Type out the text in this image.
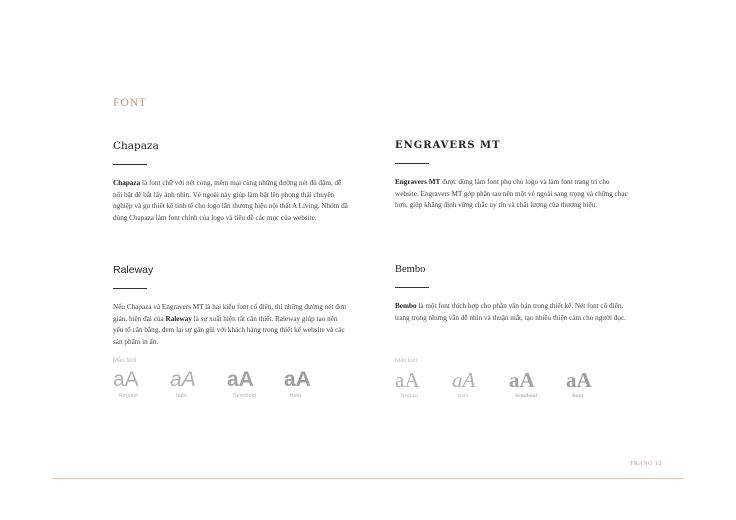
FONT
Chapaza
Chapaza là font chữ với nét cong, mềm mại cùng những đường nét đủ đậm, dễ nổi bật để bắt lấy ánh nhìn. Vẻ ngoài này giúp làm bật lên phong thái chuyên nghiệp và gu thiết kế tinh tế cho logo lẫn thương hiệu nội thất A Living. Nhóm đã dùng Chapaza làm font chính của logo và tiêu đề các mục của website.
ENGRAVERS MT
Engravers MT được dùng làm font phụ cho logo và làm font trang trí cho website. Engravers MT góp phần tạo nên một vẻ ngoài sang trọng và chững chạc hơn, giúp khẳng định vững chắc uy tín và chất lượng của thương hiệu.
Raleway
Nếu Chapaza và Engravers MT là hai kiểu font cổ điển, thì những đường nét đơn giản, hiện đại của Raleway là sự xuất hiện rất cân thiết. Raleway giúp tạo nên yếu tố cân bằng, đem lại sự gần gũi với khách hàng trong thiết kế website và các sản phẩm in ấn.
Bembo
Bembo là một font thích hợp cho phần văn bản trong thiết kế. Nét font cổ điển, trang trọng nhưng vẫn dễ nhìn và thuận mắt, tạo nhiều thiện cảm cho người đọc.
Mẫu font
aA
Regular
aA
Italic
aA
Semibold
aA
Bold
Mẫu font
aA
Regular
aA
Italic
aA
Semibold
aA
Bold
TRANG 12
